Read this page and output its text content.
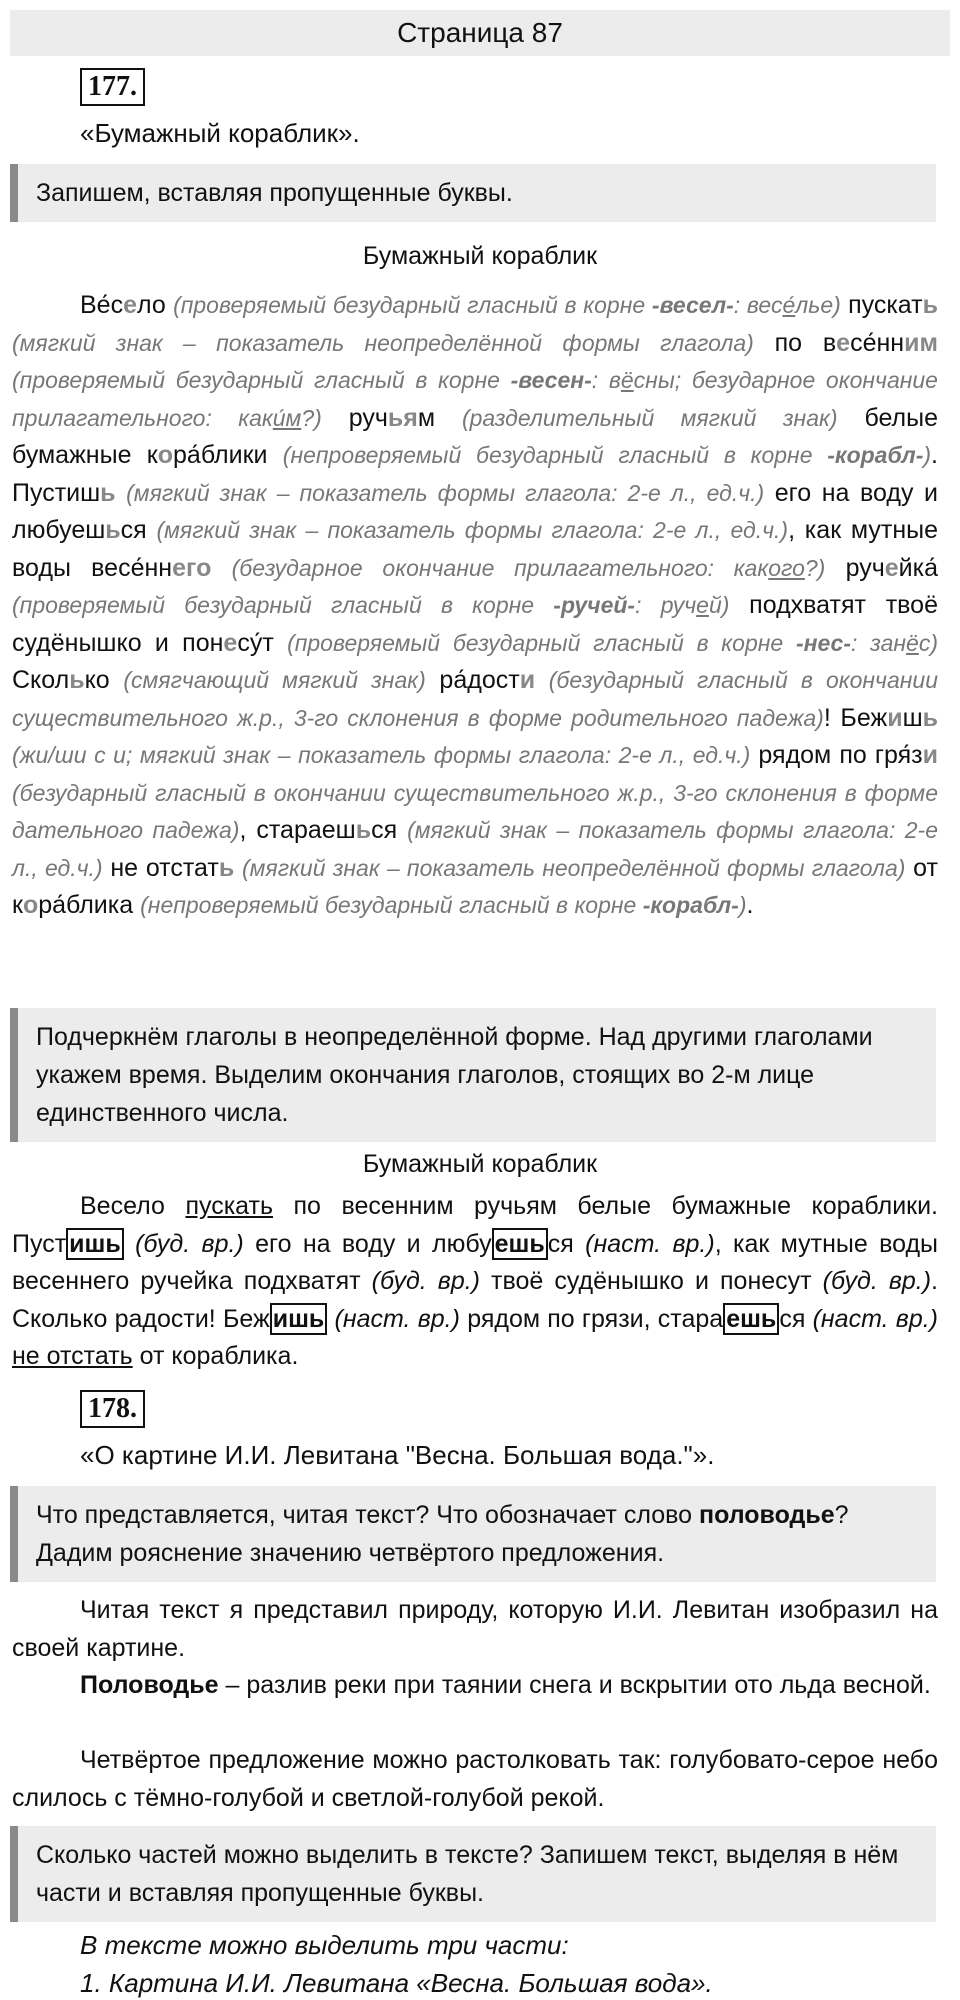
Страница 87
177.
«Бумажный кораблик».
Запишем, вставляя пропущенные буквы.
Бумажный кораблик

Ве́село (проверяемый безударный гласный в корне -весел-: весе́лье) пускать (мягкий знак – показатель неопределённой формы глагола) по весе́нним (проверяемый безударный гласный в корне -весен-: вёсны; безударное окончание прилагательного: каки́м?) ручьям (разделительный мягкий знак) белые бумажные кора́блики (непроверяемый безударный гласный в корне -корабл-). Пустишь (мягкий знак – показатель формы глагола: 2-е л., ед.ч.) его на воду и любуешься (мягкий знак – показатель формы глагола: 2-е л., ед.ч.), как мутные воды весе́ннего (безударное окончание прилагательного: какого?) ручейка́ (проверяемый безударный гласный в корне -ручей-: ручей) подхватят твоё судёнышко и понесу́т (проверяемый безударный гласный в корне -нес-: занёс) Сколько (смягчающий мягкий знак) ра́дости (безударный гласный в окончании существительного ж.р., 3-го склонения в форме родительного падежа)! Бежишь (жи/ши с и; мягкий знак – показатель формы глагола: 2-е л., ед.ч.) рядом по гря́зи (безударный гласный в окончании существительного ж.р., 3-го склонения в форме дательного падежа), стараешься (мягкий знак – показатель формы глагола: 2-е л., ед.ч.) не отстать (мягкий знак – показатель неопределённой формы глагола) от кора́блика (непроверяемый безударный гласный в корне -корабл-).

Подчеркнём глаголы в неопределённой форме. Над другими глаголами укажем время. Выделим окончания глаголов, стоящих во 2-м лице единственного числа.
Бумажный кораблик

Весело пускать по весенним ручьям белые бумажные кораблики. Пуст ишь (буд. вр.) его на воду и любу ешь ся (наст. вр.), как мутные воды весеннего ручейка подхватят (буд. вр.) твоё судёнышко и понесут (буд. вр.). Сколько радости! Беж ишь (наст. вр.) рядом по грязи, стара ешь ся (наст. вр.) не отстать от кораблика.

178.
«О картине И.И. Левитана "Весна. Большая вода."».
Что представляется, читая текст? Что обозначает слово половодье? Дадим рояснение значению четвёртого предложения.

Читая текст я представил природу, которую И.И. Левитан изобразил на своей картине.

Половодье – разлив реки при таянии снега и вскрытии ото льда весной.

Четвёртое предложение можно растолковать так: голубовато-серое небо слилось с тёмно-голубой и светлой-голубой рекой.

Сколько частей можно выделить в тексте? Запишем текст, выделяя в нём части и вставляя пропущенные буквы.
В тексте можно выделить три части:
1. Картина И.И. Левитана «Весна. Большая вода».
